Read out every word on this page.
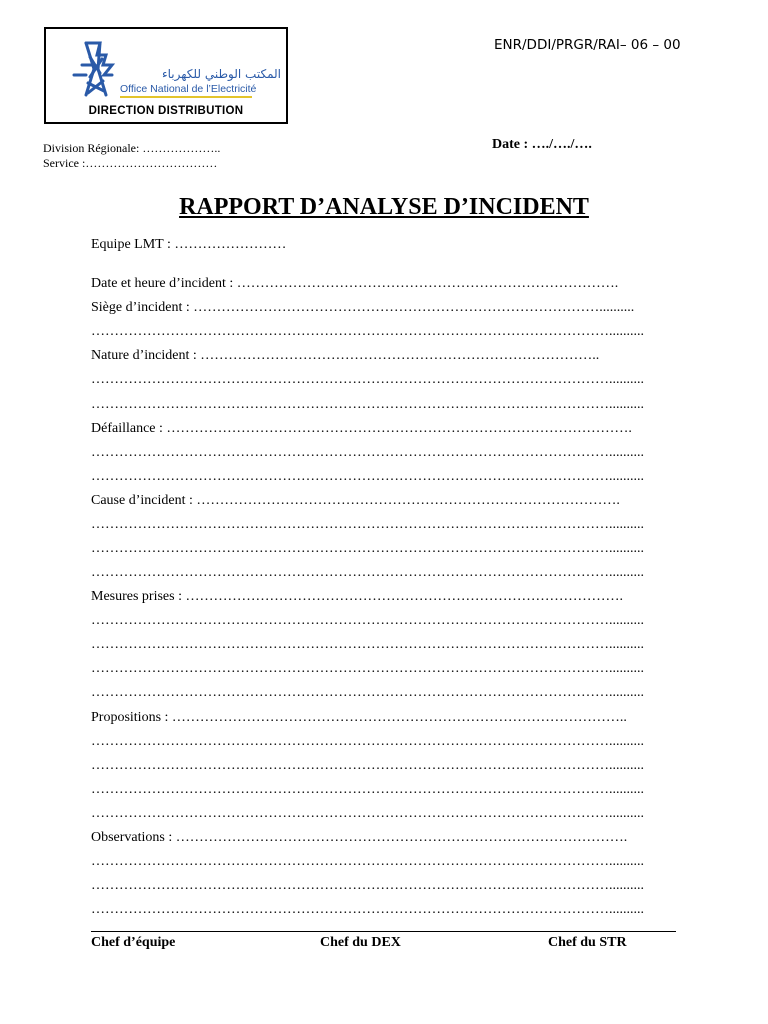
المكتب الوطني للكهرباء
Office National de l’Electricité
DIRECTION DISTRIBUTION
ENR/DDI/PRGR/RAI– 06 – 00
Division Régionale: ………………..
Service :……………………………
Date : …./…./….
RAPPORT D’ANALYSE D’INCIDENT
Equipe LMT : ……………………
Date et heure d’incident : ……………………………………………………………………….
Siège d’incident : ……………………………………………………………………………..........
…………………………………………………………………………………………………..........
Nature d’incident : …………………………………………………………………………..
…………………………………………………………………………………………………..........
…………………………………………………………………………………………………..........
Défaillance : ……………………………………………………………………………………….
…………………………………………………………………………………………………..........
…………………………………………………………………………………………………..........
Cause d’incident : ……………………………………………………………………………….
…………………………………………………………………………………………………..........
…………………………………………………………………………………………………..........
…………………………………………………………………………………………………..........
Mesures prises : ………………………………………………………………………………….
…………………………………………………………………………………………………..........
…………………………………………………………………………………………………..........
…………………………………………………………………………………………………..........
…………………………………………………………………………………………………..........
Propositions : ……………………………………………………………………………………..
…………………………………………………………………………………………………..........
…………………………………………………………………………………………………..........
…………………………………………………………………………………………………..........
…………………………………………………………………………………………………..........
Observations : …………………………………………………………………………………….
…………………………………………………………………………………………………..........
…………………………………………………………………………………………………..........
…………………………………………………………………………………………………..........
Chef d’équipe	Chef du DEX	Chef du STR
